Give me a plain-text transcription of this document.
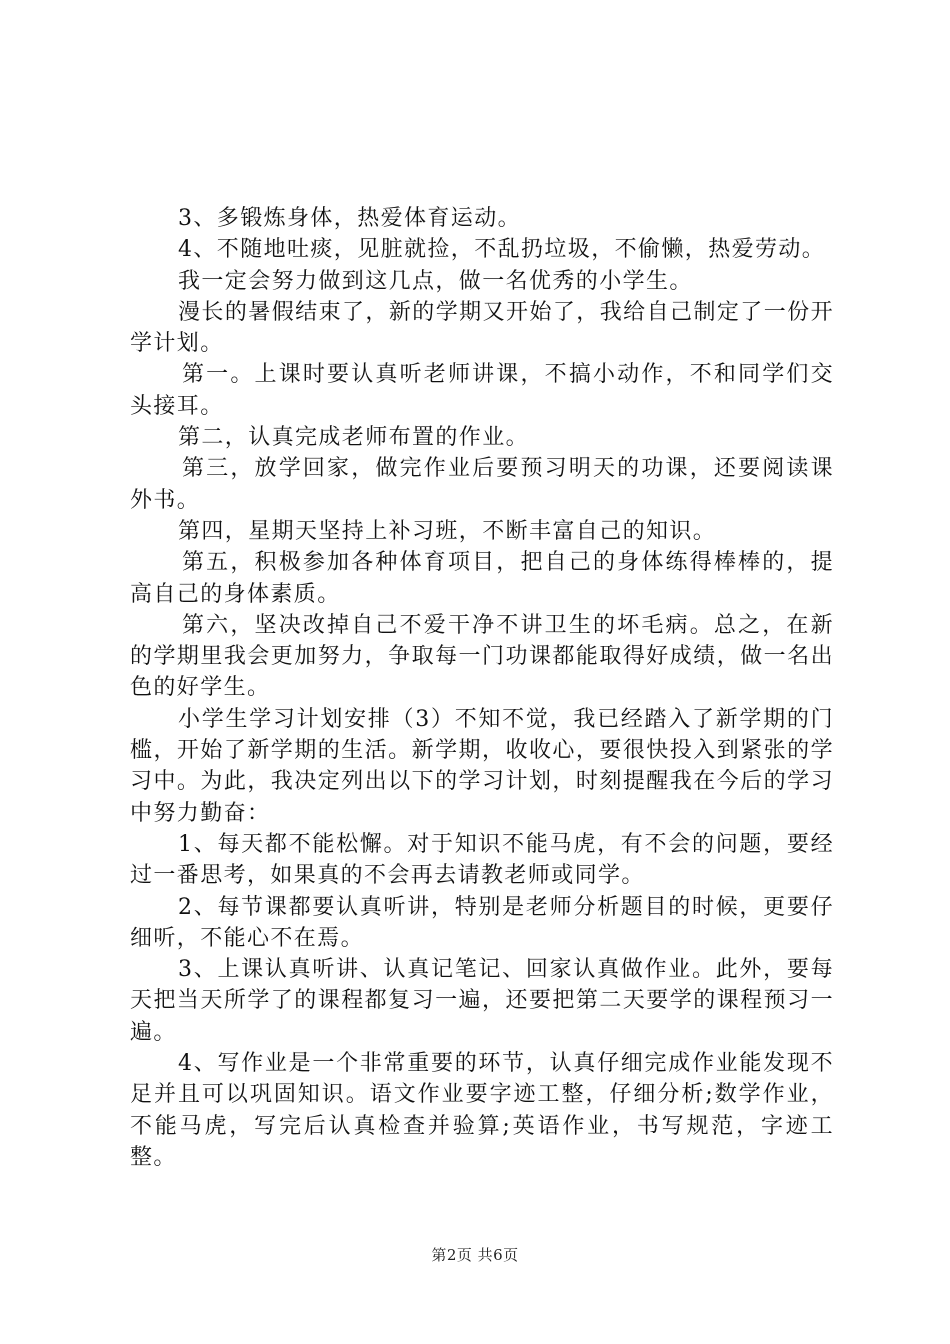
3、多锻炼身体，热爱体育运动。

4、不随地吐痰，见脏就捡，不乱扔垃圾，不偷懒，热爱劳动。

我一定会努力做到这几点，做一名优秀的小学生。

漫长的暑假结束了，新的学期又开始了，我给自己制定了一份开学计划。

第一。上课时要认真听老师讲课，不搞小动作，不和同学们交头接耳。

第二，认真完成老师布置的作业。

第三，放学回家，做完作业后要预习明天的功课，还要阅读课外书。

第四，星期天坚持上补习班，不断丰富自己的知识。

第五，积极参加各种体育项目，把自己的身体练得棒棒的，提高自己的身体素质。

第六，坚决改掉自己不爱干净不讲卫生的坏毛病。总之，在新的学期里我会更加努力，争取每一门功课都能取得好成绩，做一名出色的好学生。

小学生学习计划安排（3）不知不觉，我已经踏入了新学期的门槛，开始了新学期的生活。新学期，收收心，要很快投入到紧张的学习中。为此，我决定列出以下的学习计划，时刻提醒我在今后的学习中努力勤奋：

1、每天都不能松懈。对于知识不能马虎，有不会的问题，要经过一番思考，如果真的不会再去请教老师或同学。

2、每节课都要认真听讲，特别是老师分析题目的时候，更要仔细听，不能心不在焉。

3、上课认真听讲、认真记笔记、回家认真做作业。此外，要每天把当天所学了的课程都复习一遍，还要把第二天要学的课程预习一遍。

4、写作业是一个非常重要的环节，认真仔细完成作业能发现不足并且可以巩固知识。语文作业要字迹工整，仔细分析;数学作业，不能马虎，写完后认真检查并验算;英语作业，书写规范，字迹工整。

第2页 共6页
